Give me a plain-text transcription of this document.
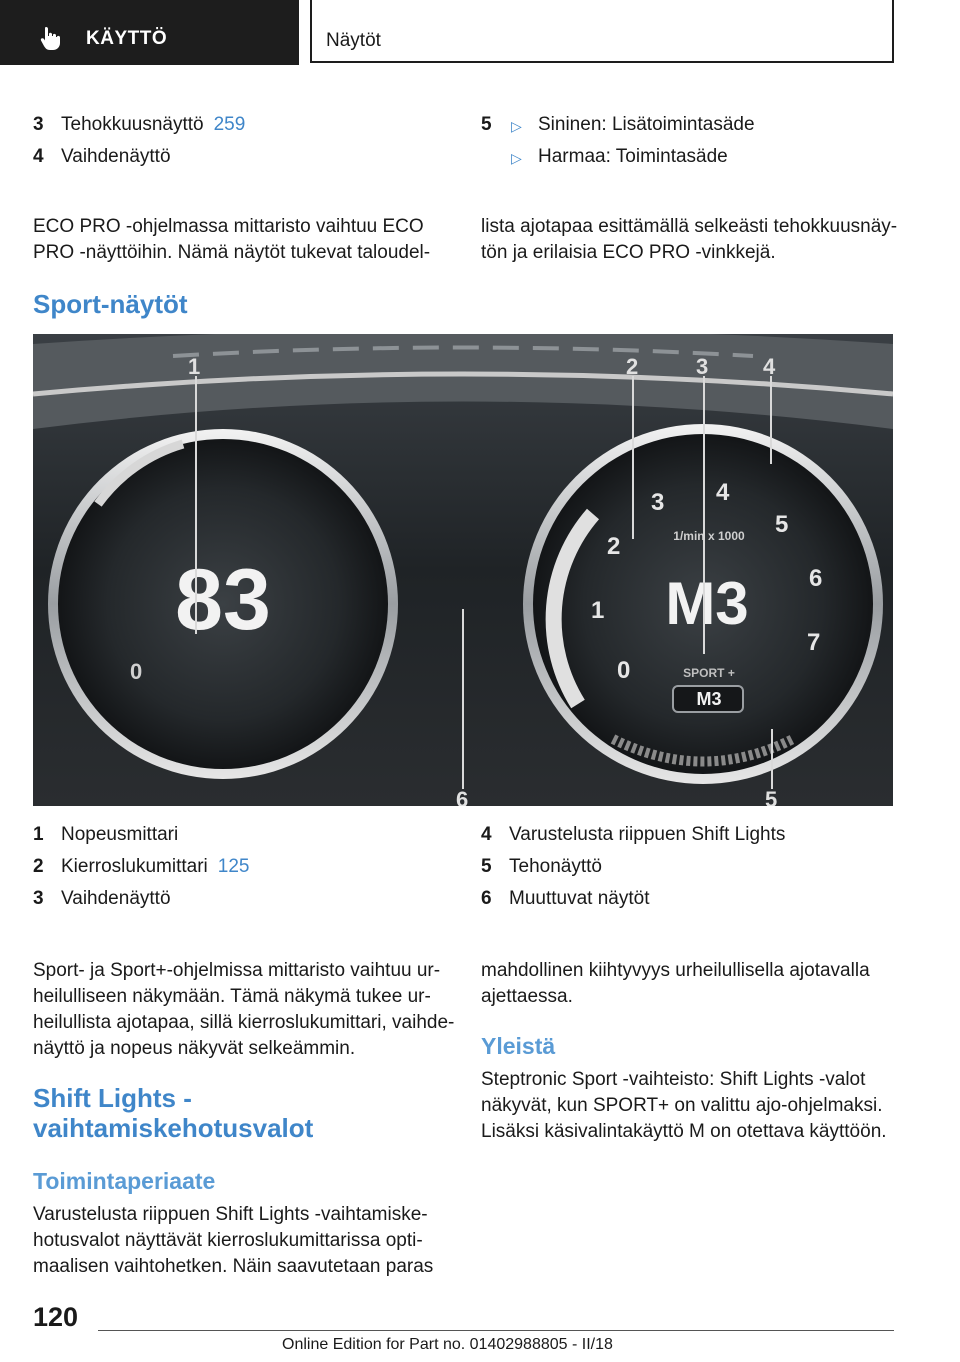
KÄYTTÖ	Näytöt
3 Tehokkuusnäyttö 259
4 Vaihdenäyttö
5 ▷ Sininen: Lisätoimintasäde
▷ Harmaa: Toimintasäde
ECO PRO -ohjelmassa mittaristo vaihtuu ECO
PRO -näyttöihin. Nämä näytöt tukevat taloudel-
lista ajotapaa esittämällä selkeästi tehokkuusnäy-
tön ja erilaisia ECO PRO -vinkkejä.
Sport-näytöt
83
0
M3
1/min x 1000
SPORT +
M3
0
1
2
3 4
5
6
7
1	2	3 4
5
6
1 Nopeusmittari
2 Kierroslukumittari 125
3 Vaihdenäyttö
4 Varustelusta riippuen Shift Lights
5 Tehonäyttö
6 Muuttuvat näytöt
Sport- ja Sport+-ohjelmissa mittaristo vaihtuu ur-
heilulliseen näkymään. Tämä näkymä tukee ur-
heilullista ajotapaa, sillä kierroslukumittari, vaihde-
näyttö ja nopeus näkyvät selkeämmin.
mahdollinen kiihtyvyys urheilullisella ajotavalla
ajettaessa.
Shift Lights -
vaihtamiskehotusvalot
Toimintaperiaate
Varustelusta riippuen Shift Lights -vaihtamiske-
hotusvalot näyttävät kierroslukumittarissa opti-
maalisen vaihtohetken. Näin saavutetaan paras
Yleistä
Steptronic Sport -vaihteisto: Shift Lights -valot
näkyvät, kun SPORT+ on valittu ajo-ohjelmaksi.
Lisäksi käsivalintakäyttö M on otettava käyttöön.
120
Online Edition for Part no. 01402988805 - II/18
